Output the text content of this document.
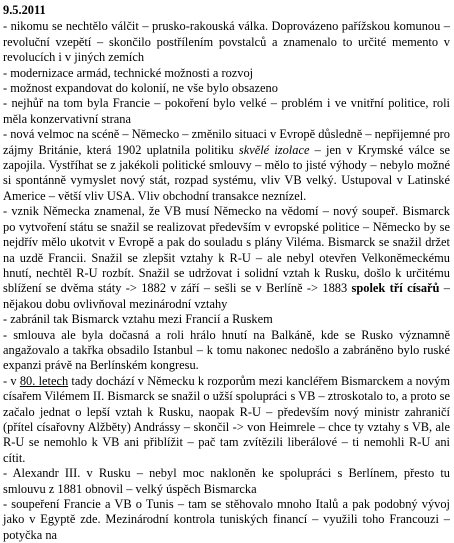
9.5.2011

- nikomu se nechtělo válčit – prusko-rakouská válka. Doprovázeno pařížskou komunou – revoluční vzepětí – skončilo postřílením povstalců a znamenalo to určité memento v revolucích i v jiných zemích

- modernizace armád, technické možnosti a rozvoj

- možnost expandovat do kolonií, ne vše bylo obsazeno

- nejhůř na tom byla Francie – pokoření bylo velké – problém i ve vnitřní politice, roli měla konzervativní strana

- nová velmoc na scéně – Německo – změnilo situaci v Evropě důsledně – nepřijemné pro zájmy Británie, která 1902 uplatnila politiku skvělé izolace – jen v Krymské válce se zapojila. Vystříhat se z jakékoli politické smlouvy – mělo to jisté výhody – nebylo možné si spontánně vymyslet nový stát, rozpad systému, vliv VB velký. Ustupoval v Latinské Americe – větší vliv USA. Vliv obchodní transakce neznízel.

- vznik Německa znamenal, že VB musí Německo na vědomí – nový soupeř. Bismarck po vytvoření státu se snažil se realizovat především v evropské politice – Německo by se nejdřív mělo ukotvit v Evropě a pak do souladu s plány Viléma. Bismarck se snažil držet na uzdě Francii. Snažil se zlepšit vztahy k R-U – ale nebyl otevřen Velkoněmeckému hnutí, nechtěl R-U rozbít. Snažil se udržovat i solidní vztah k Rusku, došlo k určitému sblížení se dvěma státy -> 1882 v září – sešli se v Berlíně -> 1883 spolek tří císařů – nějakou dobu ovlivňoval mezinárodní vztahy

- zabránil tak Bismarck vztahu mezi Francií a Ruskem

- smlouva ale byla dočasná a roli hrálo hnutí na Balkáně, kde se Rusko významně angažovalo a takřka obsadilo Istanbul – k tomu nakonec nedošlo a zabráněno bylo ruské expanzi právě na Berlínském kongresu.

- v 80. letech tady dochází v Německu k rozporům mezi kancléřem Bismarckem a novým císařem Vilémem II. Bismarck se snažil o užší spolupráci s VB – ztroskotalo to, a proto se začalo jednat o lepší vztah k Rusku, naopak R-U – především nový ministr zahraničí (přítel císařovny Alžběty) Andrássy – skončil -> von Heimrele – chce ty vztahy s VB, ale R-U se nemohlo k VB ani přiblížit – pač tam zvítězili liberálové – ti nemohli R-U ani cítit.

- Alexandr III. v Rusku – nebyl moc nakloněn ke spolupráci s Berlínem, přesto tu smlouvu z 1881 obnovil – velký úspěch Bismarcka

- soupeření Francie a VB o Tunis – tam se stěhovalo mnoho Italů a pak podobný vývoj jako v Egyptě zde. Mezinárodní kontrola tuniských financí – využili toho Francouzi – potyčka na
